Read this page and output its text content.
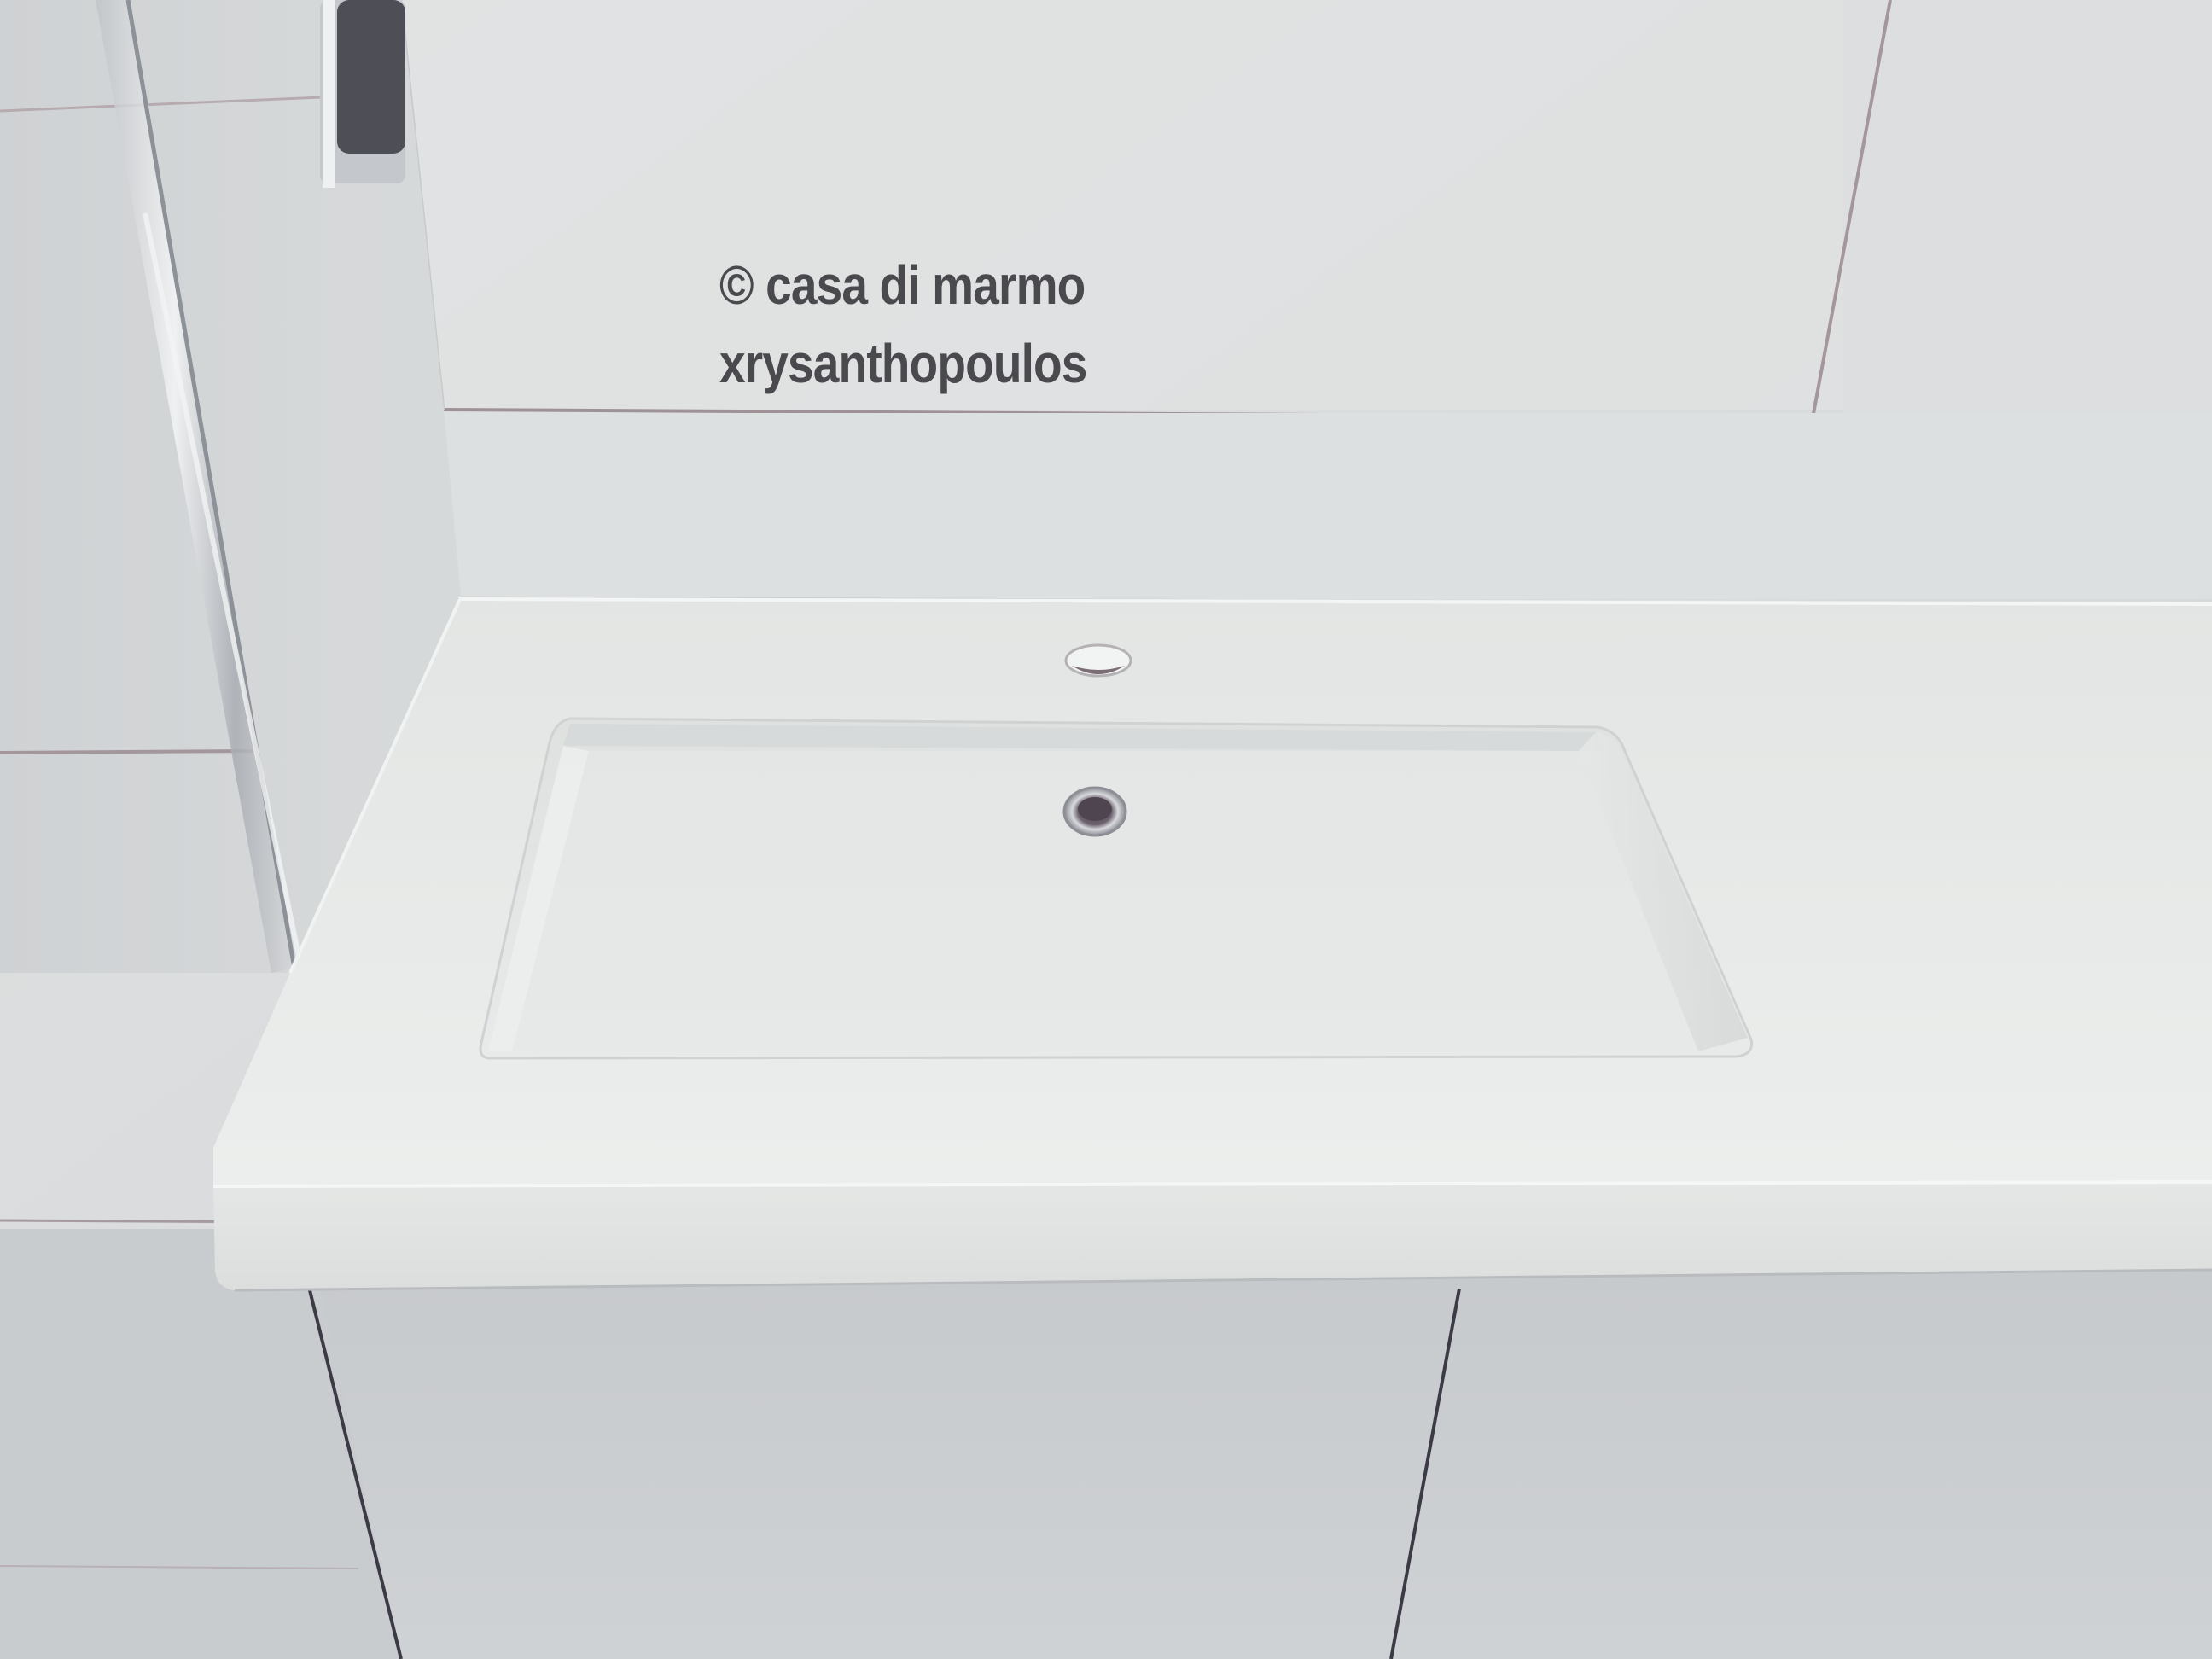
© casa di marmo
xrysanthopoulos
